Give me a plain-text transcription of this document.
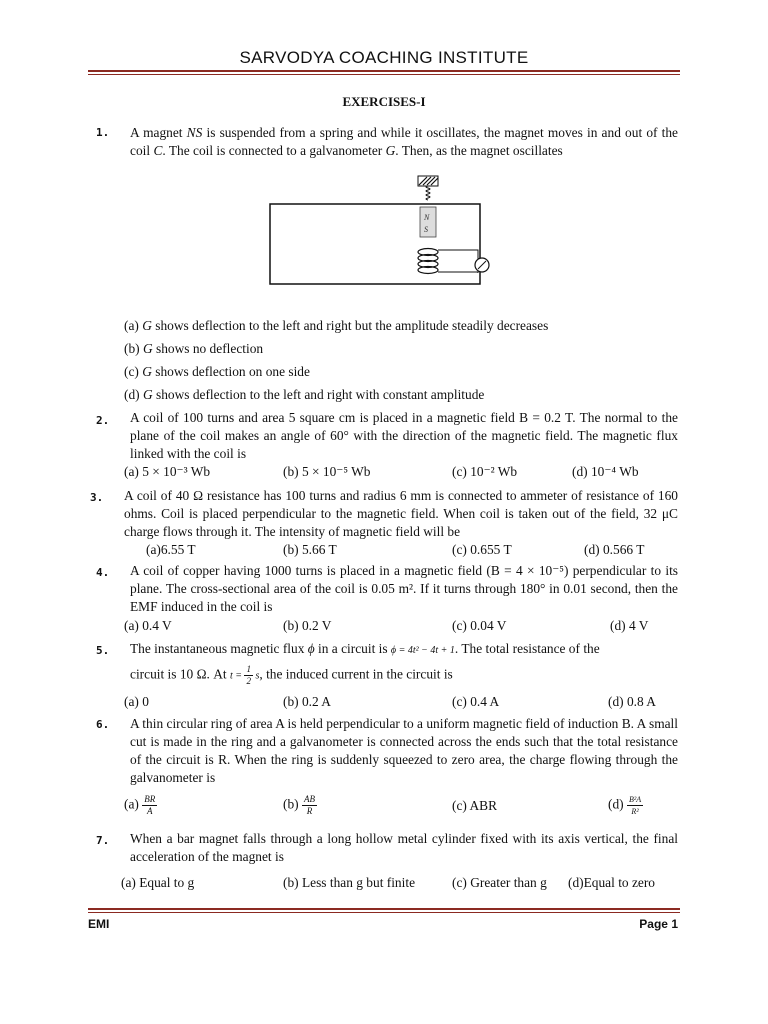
SARVODYA COACHING INSTITUTE
EXERCISES-I
1. A magnet NS is suspended from a spring and while it oscillates, the magnet moves in and out of the coil C. The coil is connected to a galvanometer G. Then, as the magnet oscillates
N
S
(a) G shows deflection to the left and right but the amplitude steadily decreases
(b) G shows no deflection
(c) G shows deflection on one side
(d) G shows deflection to the left and right with constant amplitude
2. A coil of 100 turns and area 5 square cm is placed in a magnetic field B = 0.2 T. The normal to the plane of the coil makes an angle of 60° with the direction of the magnetic field. The magnetic flux linked with the coil is
(a) 5 × 10⁻³ Wb	(b) 5 × 10⁻⁵ Wb	(c) 10⁻² Wb	(d) 10⁻⁴ Wb
3. A coil of 40 Ω resistance has 100 turns and radius 6 mm is connected to ammeter of resistance of 160 ohms. Coil is placed perpendicular to the magnetic field. When coil is taken out of the field, 32 μC charge flows through it. The intensity of magnetic field will be
(a)6.55 T	(b) 5.66 T	(c) 0.655 T	(d) 0.566 T
4. A coil of copper having 1000 turns is placed in a magnetic field (B = 4 × 10⁻⁵) perpendicular to its plane. The cross-sectional area of the coil is 0.05 m². If it turns through 180° in 0.01 second, then the EMF induced in the coil is
(a) 0.4 V	(b) 0.2 V	(c) 0.04 V	(d) 4 V
5. The instantaneous magnetic flux ϕ in a circuit is ϕ = 4t² − 4t + 1. The total resistance of the
circuit is 10 Ω. At $t = \frac{1}{2} s$, the induced current in the circuit is
(a) 0	(b) 0.2 A	(c) 0.4 A	(d) 0.8 A
6. A thin circular ring of area A is held perpendicular to a uniform magnetic field of induction B. A small cut is made in the ring and a galvanometer is connected across the ends such that the total resistance of the circuit is R. When the ring is suddenly squeezed to zero area, the charge flowing through the galvanometer is
$(a) \frac{BR}{A}$	$(b) \frac{AB}{R}$	(c) ABR	$(d) \frac{\text{B²A}}{\text{R²}}$
7. When a bar magnet falls through a long hollow metal cylinder fixed with its axis vertical, the final acceleration of the magnet is
(a) Equal to g	(b) Less than g but finite	(c) Greater than g (d)Equal to zero
EMI	Page 1
